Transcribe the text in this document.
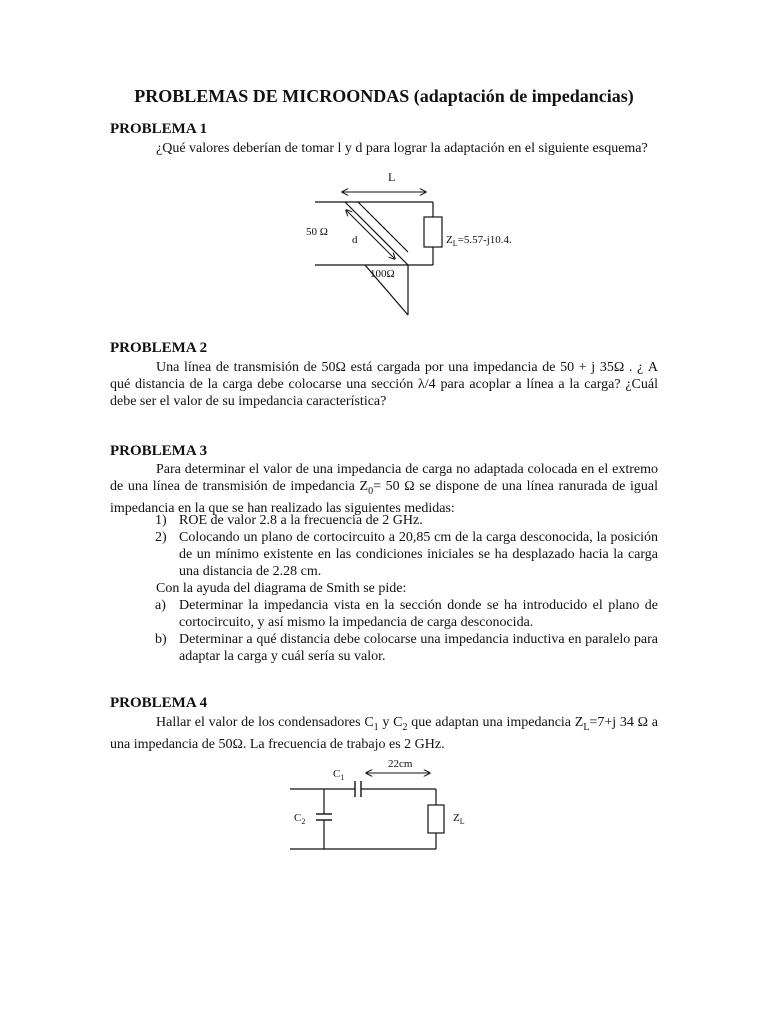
PROBLEMAS DE MICROONDAS (adaptación de impedancias)
PROBLEMA 1
¿Qué valores deberían de tomar l y d para lograr la adaptación en el siguiente esquema?
L
d
50 Ω
100Ω
$Z_L=5.57-j10.4$.
PROBLEMA 2
Una línea de transmisión de 50Ω está cargada por una impedancia de 50 + j 35Ω . ¿ A qué distancia de la carga debe colocarse una sección λ/4 para acoplar a línea a la carga? ¿Cuál debe ser el valor de su impedancia característica?
PROBLEMA 3
Para determinar el valor de una impedancia de carga no adaptada colocada en el extremo de una línea de transmisión de impedancia $Z_0= 50$ Ω se dispone de una línea ranurada de igual impedancia en la que se han realizado las siguientes medidas:
1) ROE de valor 2.8 a la frecuencia de 2 GHz.
2) Colocando un plano de cortocircuito a 20,85 cm de la carga desconocida, la posición de un mínimo existente en las condiciones iniciales se ha desplazado hacia la carga una distancia de 2.28 cm.
Con la ayuda del diagrama de Smith se pide:
a) Determinar la impedancia vista en la sección donde se ha introducido el plano de cortocircuito, y así mismo la impedancia de carga desconocida.
b) Determinar a qué distancia debe colocarse una impedancia inductiva en paralelo para adaptar la carga y cuál sería su valor.
PROBLEMA 4
Hallar el valor de los condensadores $C_1$ y $C_2$ que adaptan una impedancia $Z_L=7+j$ 34 Ω a una impedancia de 50Ω. La frecuencia de trabajo es 2 GHz.
22cm
$C_1$
$C_2$	$Z_L$
